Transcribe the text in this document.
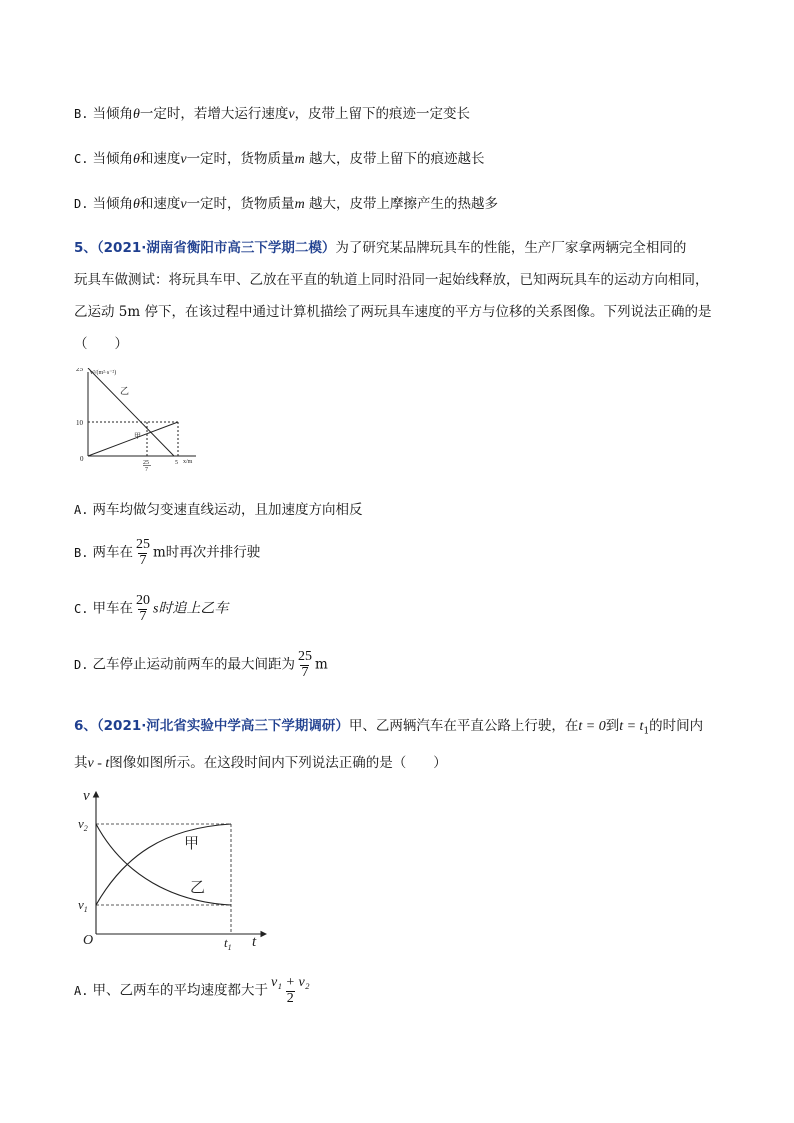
B. 当倾角θ一定时，若增大运行速度v，皮带上留下的痕迹一定变长
C. 当倾角θ和速度v一定时，货物质量m 越大，皮带上留下的痕迹越长
D. 当倾角θ和速度v一定时，货物质量m 越大，皮带上摩擦产生的热越多
5、（2021·湖南省衡阳市高三下学期二模）为了研究某品牌玩具车的性能，生产厂家拿两辆完全相同的
玩具车做测试：将玩具车甲、乙放在平直的轨道上同时沿同一起始线释放，已知两玩具车的运动方向相同，
乙运动 5m 停下，在该过程中通过计算机描绘了两玩具车速度的平方与位移的关系图像。下列说法正确的是
（　　）
v²/(m²·s⁻²)
25
10
0
乙
甲
25
7
5 x/m
A. 两车均做匀变速直线运动，且加速度方向相反
B. 两车在 $\frac{25}{7}$ m时再次并排行驶
C. 甲车在 $\frac{20}{7}$ s时追上乙车
D. 乙车停止运动前两车的最大间距为 $\frac{25}{7}$ m
6、（2021·河北省实验中学高三下学期调研）甲、乙两辆汽车在平直公路上行驶，在t = 0到$t = t_1$的时间内
其v - t图像如图所示。在这段时间内下列说法正确的是（　　）
v
$v_2$
$v_1$
O	$t_1$ t
甲
乙
A. 甲、乙两车的平均速度都大于 $\frac{\text{v₁ + v₂}}{2}$
